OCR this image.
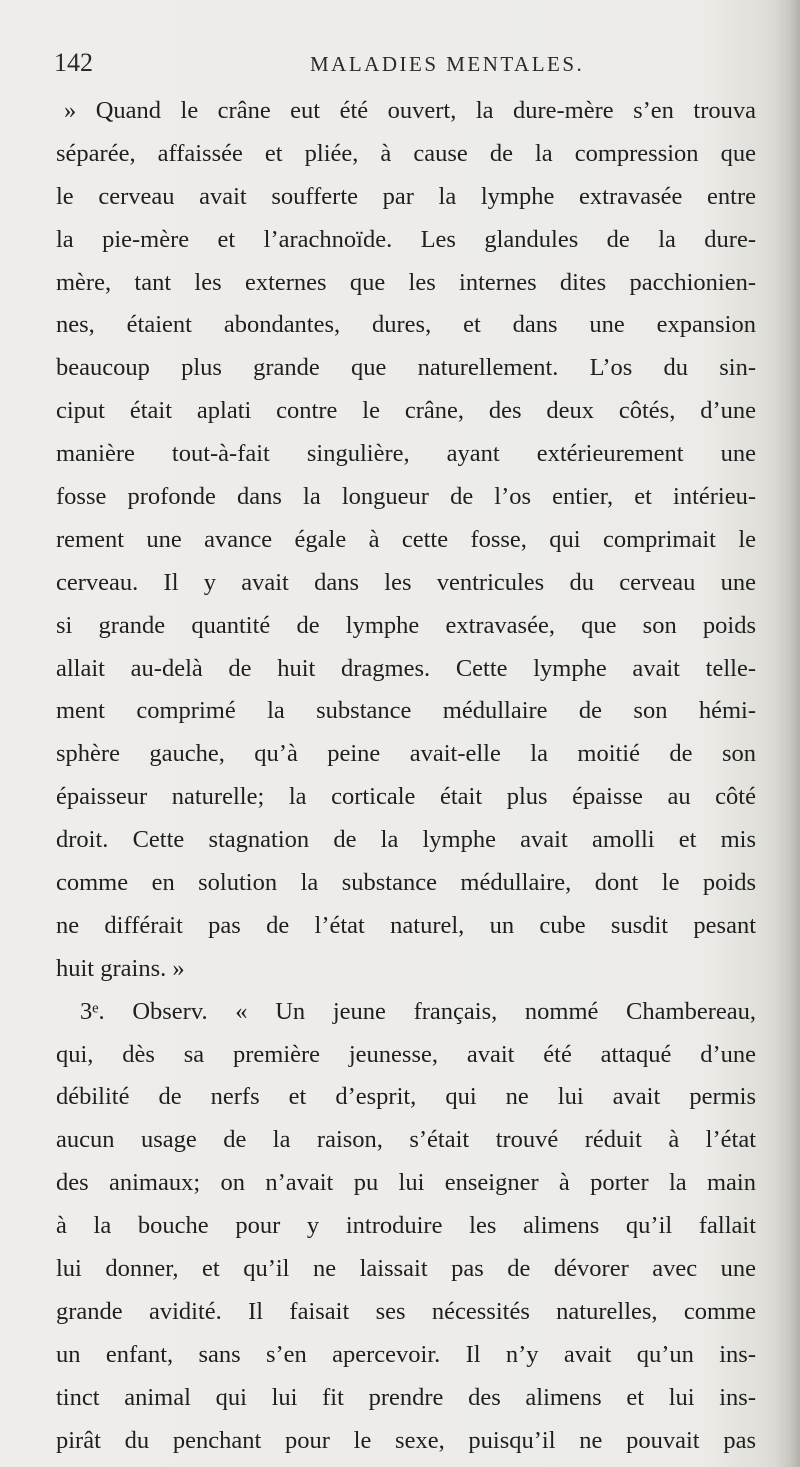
142	MALADIES MENTALES.
» Quand le crâne eut été ouvert, la dure-mère s’en trouva
séparée, affaissée et pliée, à cause de la compression que
le cerveau avait soufferte par la lymphe extravasée entre
la pie-mère et l’arachnoïde. Les glandules de la dure-
mère, tant les externes que les internes dites pacchionien-
nes, étaient abondantes, dures, et dans une expansion
beaucoup plus grande que naturellement. L’os du sin-
ciput était aplati contre le crâne, des deux côtés, d’une
manière tout-à-fait singulière, ayant extérieurement une
fosse profonde dans la longueur de l’os entier, et intérieu-
rement une avance égale à cette fosse, qui comprimait le
cerveau. Il y avait dans les ventricules du cerveau une
si grande quantité de lymphe extravasée, que son poids
allait au-delà de huit dragmes. Cette lymphe avait telle-
ment comprimé la substance médullaire de son hémi-
sphère gauche, qu’à peine avait-elle la moitié de son
épaisseur naturelle; la corticale était plus épaisse au côté
droit. Cette stagnation de la lymphe avait amolli et mis
comme en solution la substance médullaire, dont le poids
ne différait pas de l’état naturel, un cube susdit pesant
huit grains. »
3ᵉ. Observ. « Un jeune français, nommé Chambereau,
qui, dès sa première jeunesse, avait été attaqué d’une
débilité de nerfs et d’esprit, qui ne lui avait permis
aucun usage de la raison, s’était trouvé réduit à l’état
des animaux; on n’avait pu lui enseigner à porter la main
à la bouche pour y introduire les alimens qu’il fallait
lui donner, et qu’il ne laissait pas de dévorer avec une
grande avidité. Il faisait ses nécessités naturelles, comme
un enfant, sans s’en apercevoir. Il n’y avait qu’un ins-
tinct animal qui lui fit prendre des alimens et lui ins-
pirât du penchant pour le sexe, puisqu’il ne pouvait pas
